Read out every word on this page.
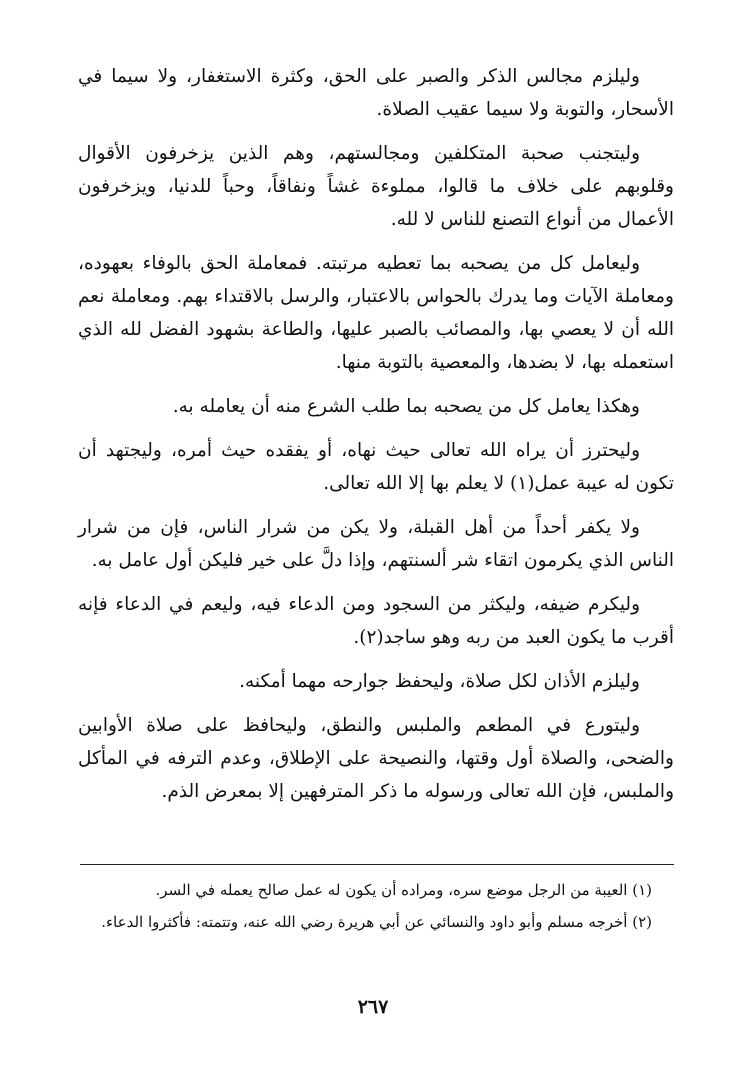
وليلزم مجالس الذكر والصبر على الحق، وكثرة الاستغفار، ولا سيما في الأسحار، والتوبة ولا سيما عقيب الصلاة.

وليتجنب صحبة المتكلفين ومجالستهم، وهم الذين يزخرفون الأقوال وقلوبهم على خلاف ما قالوا، مملوءة غشاً ونفاقاً، وحباً للدنيا، ويزخرفون الأعمال من أنواع التصنع للناس لا لله.

وليعامل كل من يصحبه بما تعطيه مرتبته. فمعاملة الحق بالوفاء بعهوده، ومعاملة الآيات وما يدرك بالحواس بالاعتبار، والرسل بالاقتداء بهم. ومعاملة نعم الله أن لا يعصي بها، والمصائب بالصبر عليها، والطاعة بشهود الفضل لله الذي استعمله بها، لا بضدها، والمعصية بالتوبة منها.

وهكذا يعامل كل من يصحبه بما طلب الشرع منه أن يعامله به.

وليحترز أن يراه الله تعالى حيث نهاه، أو يفقده حيث أمره، وليجتهد أن تكون له عيبة عمل(١) لا يعلم بها إلا الله تعالى.

ولا يكفر أحداً من أهل القبلة، ولا يكن من شرار الناس، فإن من شرار الناس الذي يكرمون اتقاء شر ألسنتهم، وإذا دلَّ على خير فليكن أول عامل به.

وليكرم ضيفه، وليكثر من السجود ومن الدعاء فيه، وليعم في الدعاء فإنه أقرب ما يكون العبد من ربه وهو ساجد(٢).

وليلزم الأذان لكل صلاة، وليحفظ جوارحه مهما أمكنه.

وليتورع في المطعم والملبس والنطق، وليحافظ على صلاة الأوابين والضحى، والصلاة أول وقتها، والنصيحة على الإطلاق، وعدم الترفه في المأكل والملبس، فإن الله تعالى ورسوله ما ذكر المترفهين إلا بمعرض الذم.

(١) العيبة من الرجل موضع سره، ومراده أن يكون له عمل صالح يعمله في السر.

(٢) أخرجه مسلم وأبو داود والنسائي عن أبي هريرة رضي الله عنه، وتتمته: فأكثروا الدعاء.

٢٦٧
